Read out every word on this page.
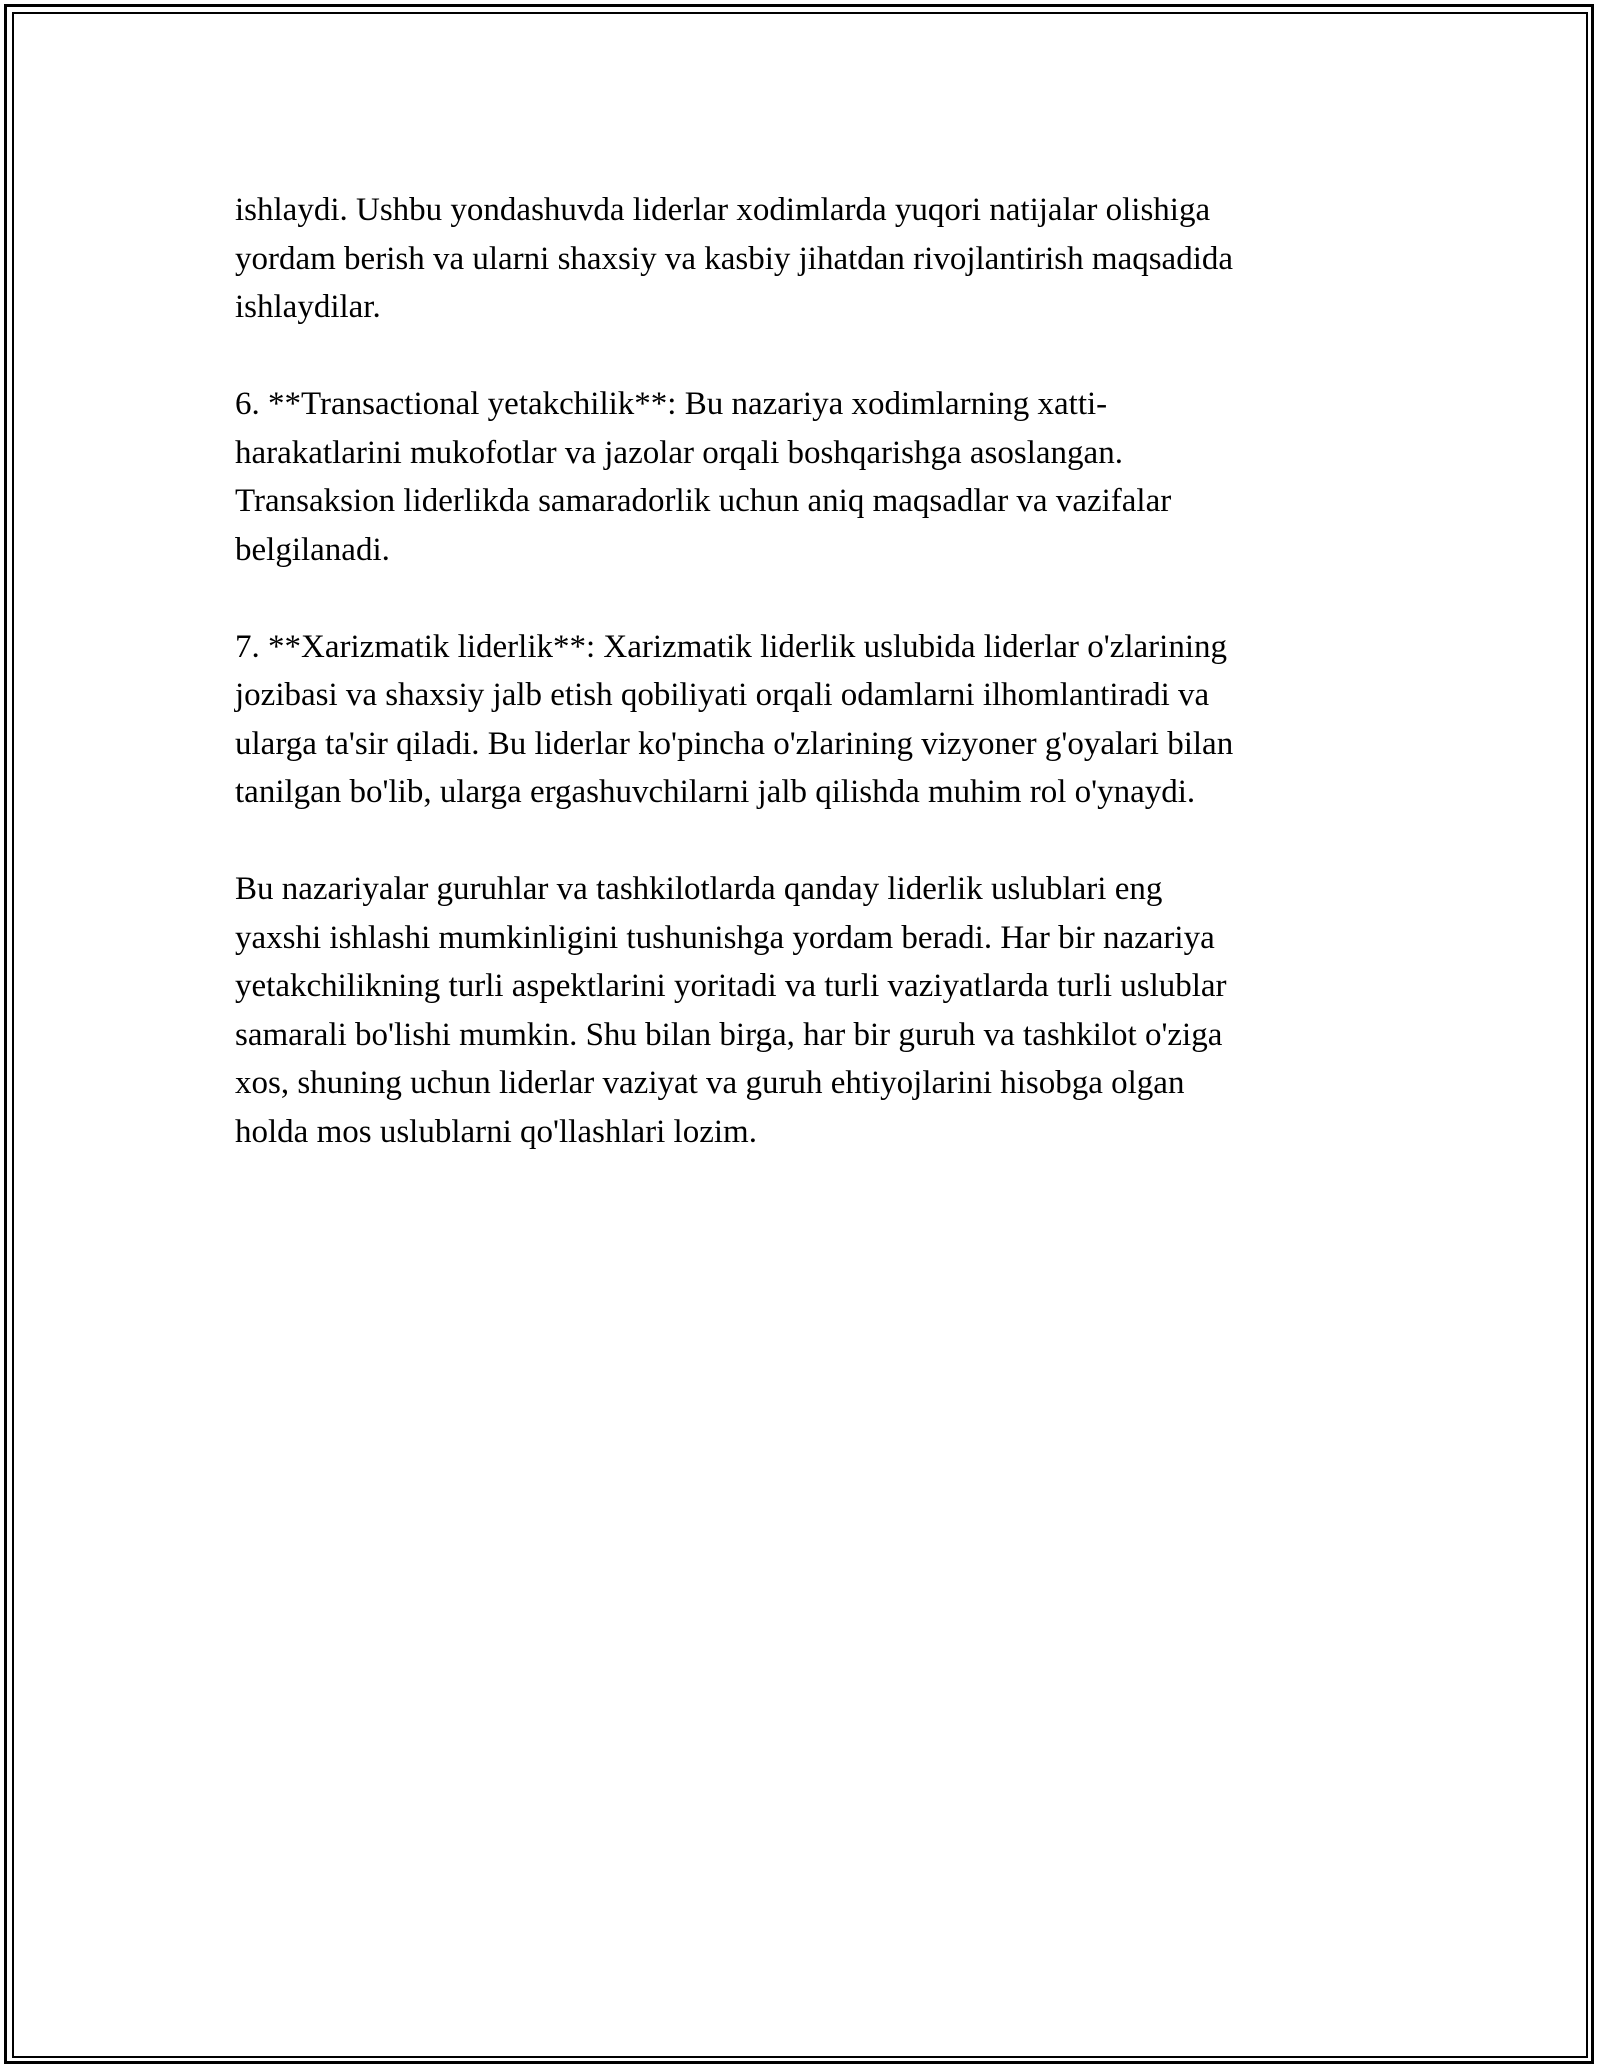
ishlaydi. Ushbu yondashuvda liderlar xodimlarda yuqori natijalar olishiga
yordam berish va ularni shaxsiy va kasbiy jihatdan rivojlantirish maqsadida
ishlaydilar.

6. **Transactional yetakchilik**: Bu nazariya xodimlarning xatti-
harakatlarini mukofotlar va jazolar orqali boshqarishga asoslangan.
Transaksion liderlikda samaradorlik uchun aniq maqsadlar va vazifalar
belgilanadi.

7. **Xarizmatik liderlik**: Xarizmatik liderlik uslubida liderlar o'zlarining
jozibasi va shaxsiy jalb etish qobiliyati orqali odamlarni ilhomlantiradi va
ularga ta'sir qiladi. Bu liderlar ko'pincha o'zlarining vizyoner g'oyalari bilan
tanilgan bo'lib, ularga ergashuvchilarni jalb qilishda muhim rol o'ynaydi.

Bu nazariyalar guruhlar va tashkilotlarda qanday liderlik uslublari eng
yaxshi ishlashi mumkinligini tushunishga yordam beradi. Har bir nazariya
yetakchilikning turli aspektlarini yoritadi va turli vaziyatlarda turli uslublar
samarali bo'lishi mumkin. Shu bilan birga, har bir guruh va tashkilot o'ziga
xos, shuning uchun liderlar vaziyat va guruh ehtiyojlarini hisobga olgan
holda mos uslublarni qo'llashlari lozim.
